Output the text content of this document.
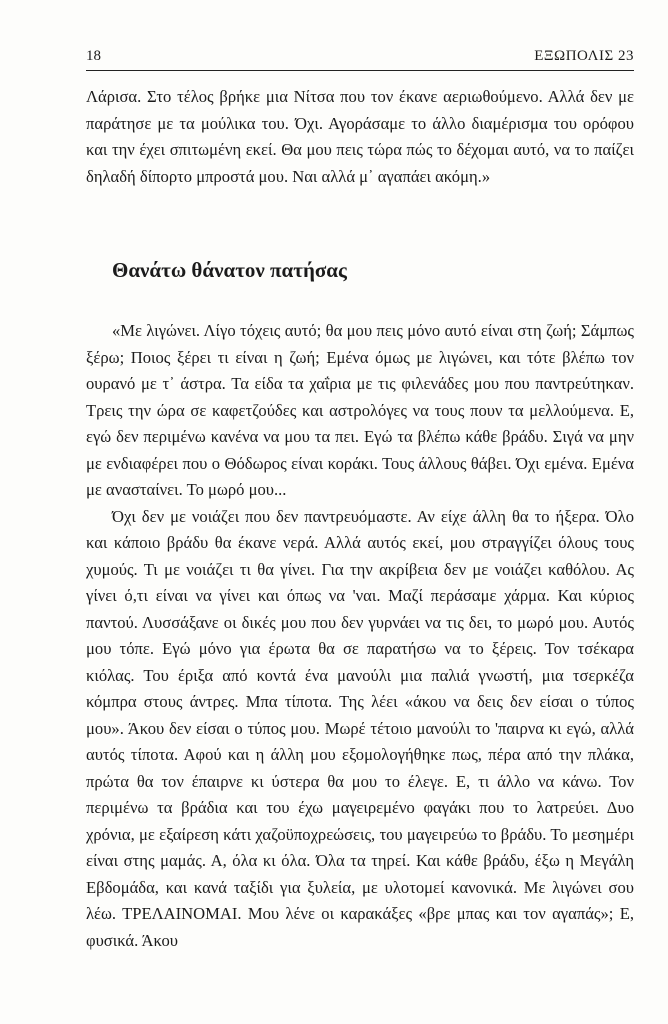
18	ΕΞΩΠΟΛΙΣ 23

Λάρισα. Στο τέλος βρήκε μια Νίτσα που τον έκανε αεριωθούμενο. Αλλά δεν με παράτησε με τα μούλικα του. Όχι. Αγοράσαμε το άλλο διαμέρισμα του ορόφου και την έχει σπιτωμένη εκεί. Θα μου πεις τώρα πώς το δέχομαι αυτό, να το παίζει δηλαδή δίπορτο μπροστά μου. Ναι αλλά μ᾽ αγαπάει ακόμη.»

Θανάτω θάνατον πατήσας

«Με λιγώνει. Λίγο τόχεις αυτό; θα μου πεις μόνο αυτό είναι στη ζωή; Σάμπως ξέρω; Ποιος ξέρει τι είναι η ζωή; Εμένα όμως με λιγώνει, και τότε βλέπω τον ουρανό με τ᾽ άστρα. Τα είδα τα χαΐρια με τις φιλενάδες μου που παντρεύτηκαν. Τρεις την ώρα σε καφετζούδες και αστρολόγες να τους πουν τα μελλούμενα. Ε, εγώ δεν περιμένω κανένα να μου τα πει. Εγώ τα βλέπω κάθε βράδυ. Σιγά να μην με ενδιαφέρει που ο Θόδωρος είναι κοράκι. Τους άλλους θάβει. Όχι εμένα. Εμένα με ανασταίνει. Το μωρό μου...

Όχι δεν με νοιάζει που δεν παντρευόμαστε. Αν είχε άλλη θα το ήξερα. Όλο και κάποιο βράδυ θα έκανε νερά. Αλλά αυτός εκεί, μου στραγγίζει όλους τους χυμούς. Τι με νοιάζει τι θα γίνει. Για την ακρίβεια δεν με νοιάζει καθόλου. Ας γίνει ό,τι είναι να γίνει και όπως να 'ναι. Μαζί περάσαμε χάρμα. Και κύριος παντού. Λυσσάξανε οι δικές μου που δεν γυρνάει να τις δει, το μωρό μου. Αυτός μου τόπε. Εγώ μόνο για έρωτα θα σε παρατήσω να το ξέρεις. Τον τσέκαρα κιόλας. Του έριξα από κοντά ένα μανούλι μια παλιά γνωστή, μια τσερκέζα κόμπρα στους άντρες. Μπα τίποτα. Της λέει «άκου να δεις δεν είσαι ο τύπος μου». Άκου δεν είσαι ο τύπος μου. Μωρέ τέτοιο μανούλι το 'παιρνα κι εγώ, αλλά αυτός τίποτα. Αφού και η άλλη μου εξομολογήθηκε πως, πέρα από την πλάκα, πρώτα θα τον έπαιρνε κι ύστερα θα μου το έλεγε. Ε, τι άλλο να κάνω. Τον περιμένω τα βράδια και του έχω μαγειρεμένο φαγάκι που το λατρεύει. Δυο χρόνια, με εξαίρεση κάτι χαζοϋποχρεώσεις, του μαγειρεύω το βράδυ. Το μεσημέρι είναι στης μαμάς. Α, όλα κι όλα. Όλα τα τηρεί. Και κάθε βράδυ, έξω η Μεγάλη Εβδομάδα, και κανά ταξίδι για ξυλεία, με υλοτομεί κανονικά. Με λιγώνει σου λέω. ΤΡΕΛΑΙΝΟΜΑΙ. Μου λένε οι καρακάξες «βρε μπας και τον αγαπάς»; Ε, φυσικά. Άκου
